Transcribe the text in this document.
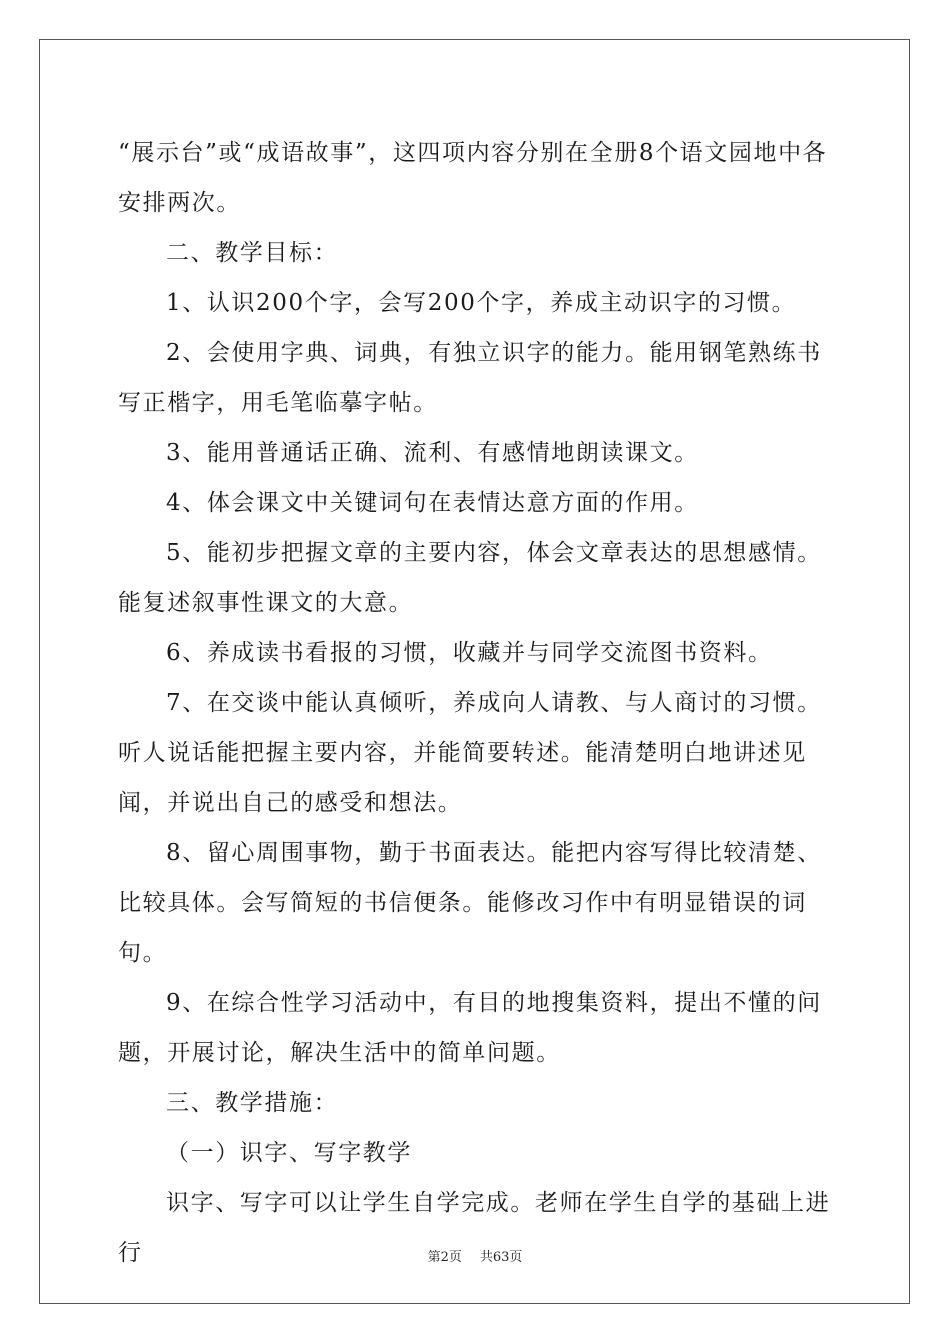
“展示台”或“成语故事”，这四项内容分别在全册8个语文园地中各安排两次。

二、教学目标：

1、认识200个字，会写200个字，养成主动识字的习惯。

2、会使用字典、词典，有独立识字的能力。能用钢笔熟练书写正楷字，用毛笔临摹字帖。

3、能用普通话正确、流利、有感情地朗读课文。

4、体会课文中关键词句在表情达意方面的作用。

5、能初步把握文章的主要内容，体会文章表达的思想感情。能复述叙事性课文的大意。

6、养成读书看报的习惯，收藏并与同学交流图书资料。

7、在交谈中能认真倾听，养成向人请教、与人商讨的习惯。听人说话能把握主要内容，并能简要转述。能清楚明白地讲述见闻，并说出自己的感受和想法。

8、留心周围事物，勤于书面表达。能把内容写得比较清楚、比较具体。会写简短的书信便条。能修改习作中有明显错误的词句。

9、在综合性学习活动中，有目的地搜集资料，提出不懂的问题，开展讨论，解决生活中的简单问题。

三、教学措施：

（一）识字、写字教学

识字、写字可以让学生自学完成。老师在学生自学的基础上进行	第2页 共63页
